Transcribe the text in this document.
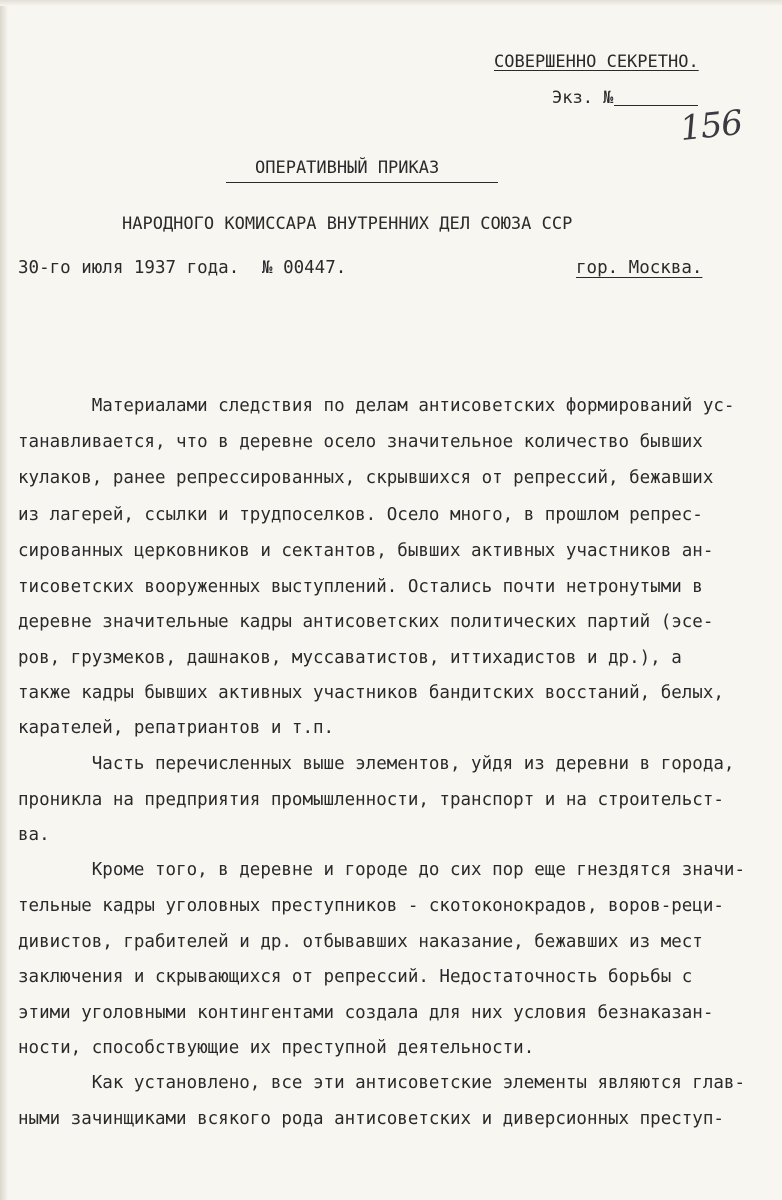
СОВЕРШЕННО СЕКРЕТНО.
Экз. №
156
ОПЕРАТИВНЫЙ ПРИКАЗ
НАРОДНОГО КОМИССАРА ВНУТРЕННИХ ДЕЛ СОЮЗА ССР
30-го июля 1937 года. № 00447.	гор. Москва.
Материалами следствия по делам антисоветских формирований ус-
танавливается, что в деревне осело значительное количество бывших
кулаков, ранее репрессированных, скрывшихся от репрессий, бежавших
из лагерей, ссылки и трудпоселков. Осело много, в прошлом репрес-
сированных церковников и сектантов, бывших активных участников ан-
тисоветских вооруженных выступлений. Остались почти нетронутыми в
деревне значительные кадры антисоветских политических партий (эсе-
ров, грузмеков, дашнаков, муссаватистов, иттихадистов и др.), а
также кадры бывших активных участников бандитских восстаний, белых,
карателей, репатриантов и т.п.
Часть перечисленных выше элементов, уйдя из деревни в города,
проникла на предприятия промышленности, транспорт и на строительст-
ва.
Кроме того, в деревне и городе до сих пор еще гнездятся значи-
тельные кадры уголовных преступников - скотоконокрадов, воров-реци-
дивистов, грабителей и др. отбывавших наказание, бежавших из мест
заключения и скрывающихся от репрессий. Недостаточность борьбы с
этими уголовными контингентами создала для них условия безнаказан-
ности, способствующие их преступной деятельности.
Как установлено, все эти антисоветские элементы являются глав-
ными зачинщиками всякого рода антисоветских и диверсионных преступ-
